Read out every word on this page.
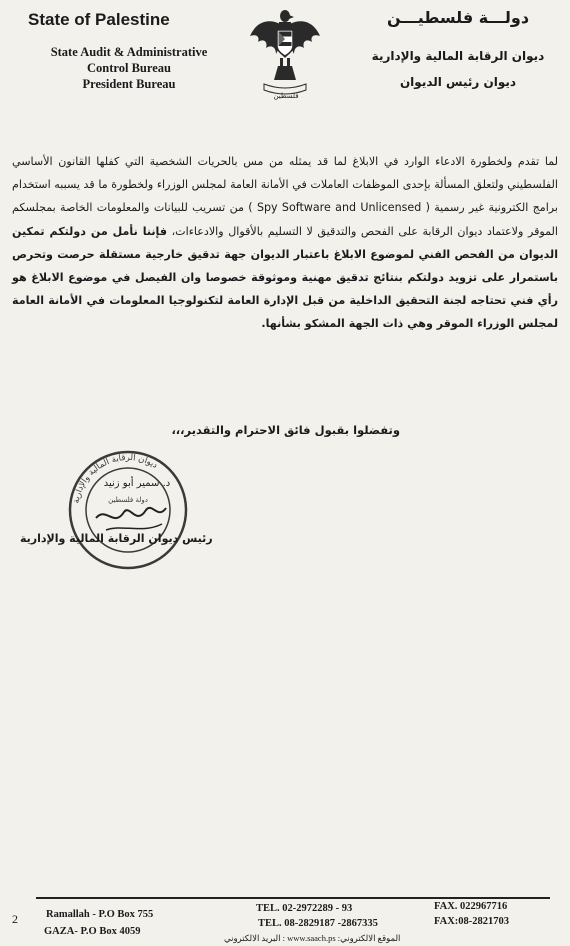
State of Palestine
State Audit & Administrative
Control Bureau
President Bureau
فلسطين
دولـــة فلسطيـــن
ديوان الرقابة المالية والإدارية
ديوان رئيس الديوان
لما تقدم ولخطورة الادعاء الوارد في الابلاغ لما قد يمثله من مس بالحريات الشخصية التي كفلها القانون الأساسي الفلسطيني ولتعلق المسألة بإحدى الموظفات العاملات في الأمانة العامة لمجلس الوزراء ولخطورة ما قد يسببه استخدام برامج الكترونية غير رسمية ( Spy Software and Unlicensed ) من تسريب للبيانات والمعلومات الخاصة بمجلسكم الموقر ولاعتماد ديوان الرقابة على الفحص والتدقيق لا التسليم بالأقوال والادعاءات، فإننا نأمل من دولتكم تمكين الديوان من الفحص الفني لموضوع الابلاغ باعتبار الديوان جهة تدقيق خارجية مستقلة حرصت وتحرص باستمرار على تزويد دولتكم بنتائج تدقيق مهنية وموثوقة خصوصا وان الفيصل في موضوع الابلاغ هو رأي فني تحتاجه لجنة التحقيق الداخلية من قبل الإدارة العامة لتكنولوجيا المعلومات في الأمانة العامة لمجلس الوزراء الموقر وهي ذات الجهة المشكو بشأنها.
وتفضلوا بقبول فائق الاحترام والتقدير،،،
ديوان الرقابة المالية والإدارية
دولة فلسطين
د. سمير أبو زنيد
رئيس ديوان الرقابة المالية والإدارية
2	Ramallah - P.O Box 755
GAZA- P.O Box 4059
TEL. 02-2972289 - 93
TEL. 08-2829187 -2867335
FAX. 022967716
FAX:08-2821703
الموقع الالكتروني: www.saach.ps : البريد الالكتروني
